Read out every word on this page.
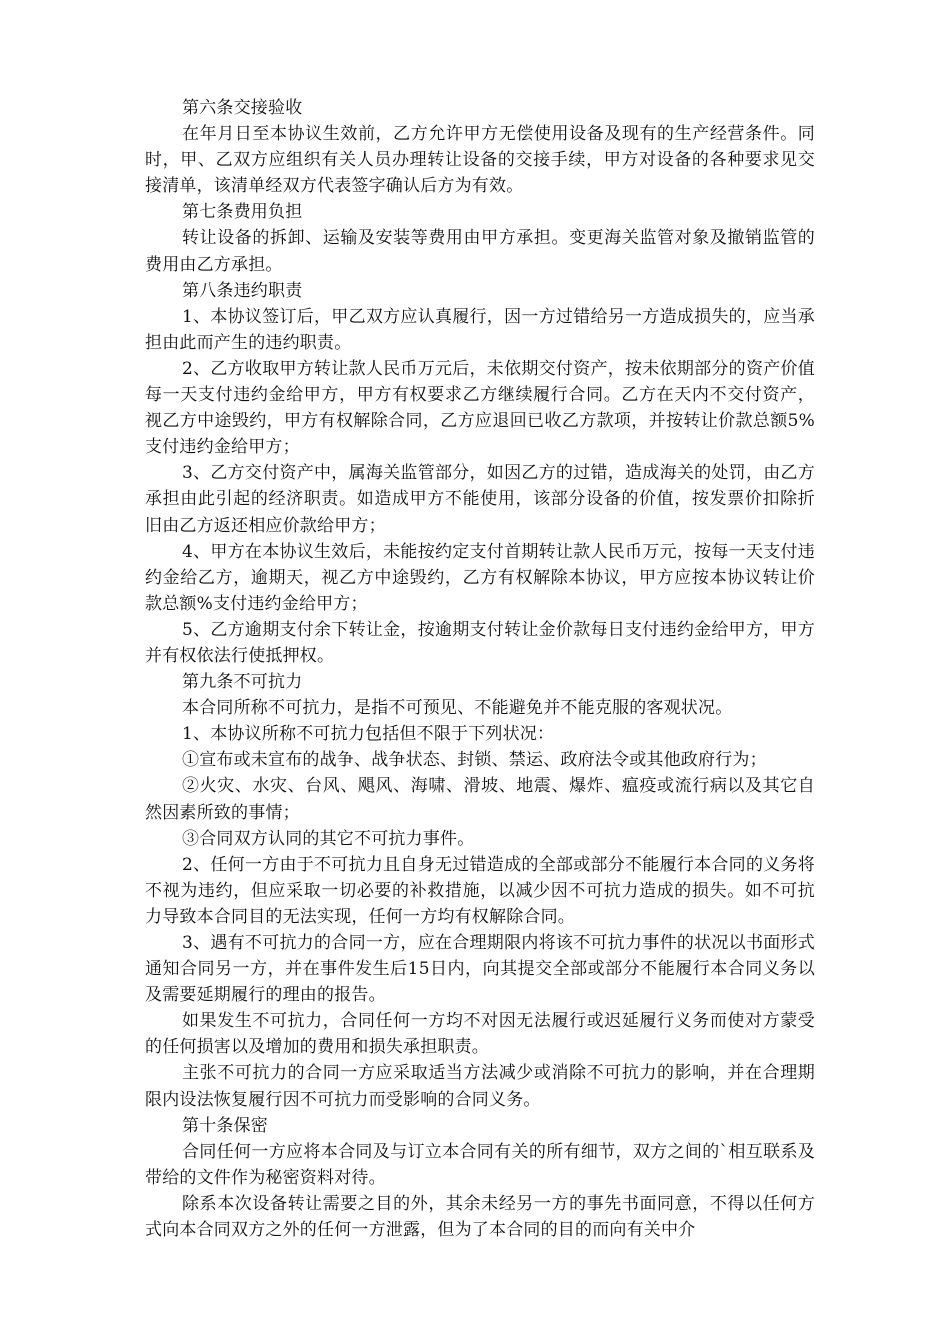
第六条交接验收

在年月日至本协议生效前，乙方允许甲方无偿使用设备及现有的生产经营条件。同时，甲、乙双方应组织有关人员办理转让设备的交接手续，甲方对设备的各种要求见交接清单，该清单经双方代表签字确认后方为有效。

第七条费用负担

转让设备的拆卸、运输及安装等费用由甲方承担。变更海关监管对象及撤销监管的费用由乙方承担。

第八条违约职责

1、本协议签订后，甲乙双方应认真履行，因一方过错给另一方造成损失的，应当承担由此而产生的违约职责。

2、乙方收取甲方转让款人民币万元后，未依期交付资产，按未依期部分的资产价值每一天支付违约金给甲方，甲方有权要求乙方继续履行合同。乙方在天内不交付资产，视乙方中途毁约，甲方有权解除合同，乙方应退回已收乙方款项，并按转让价款总额5%支付违约金给甲方；

3、乙方交付资产中，属海关监管部分，如因乙方的过错，造成海关的处罚，由乙方承担由此引起的经济职责。如造成甲方不能使用，该部分设备的价值，按发票价扣除折旧由乙方返还相应价款给甲方；

4、甲方在本协议生效后，未能按约定支付首期转让款人民币万元，按每一天支付违约金给乙方，逾期天，视乙方中途毁约，乙方有权解除本协议，甲方应按本协议转让价款总额%支付违约金给甲方；

5、乙方逾期支付余下转让金，按逾期支付转让金价款每日支付违约金给甲方，甲方并有权依法行使抵押权。

第九条不可抗力

本合同所称不可抗力，是指不可预见、不能避免并不能克服的客观状况。

1、本协议所称不可抗力包括但不限于下列状况：

①宣布或未宣布的战争、战争状态、封锁、禁运、政府法令或其他政府行为；

②火灾、水灾、台风、飓风、海啸、滑坡、地震、爆炸、瘟疫或流行病以及其它自然因素所致的事情；

③合同双方认同的其它不可抗力事件。

2、任何一方由于不可抗力且自身无过错造成的全部或部分不能履行本合同的义务将不视为违约，但应采取一切必要的补救措施，以减少因不可抗力造成的损失。如不可抗力导致本合同目的无法实现，任何一方均有权解除合同。

3、遇有不可抗力的合同一方，应在合理期限内将该不可抗力事件的状况以书面形式通知合同另一方，并在事件发生后15日内，向其提交全部或部分不能履行本合同义务以及需要延期履行的理由的报告。

如果发生不可抗力，合同任何一方均不对因无法履行或迟延履行义务而使对方蒙受的任何损害以及增加的费用和损失承担职责。

主张不可抗力的合同一方应采取适当方法减少或消除不可抗力的影响，并在合理期限内设法恢复履行因不可抗力而受影响的合同义务。

第十条保密

合同任何一方应将本合同及与订立本合同有关的所有细节，双方之间的`相互联系及带给的文件作为秘密资料对待。

除系本次设备转让需要之目的外，其余未经另一方的事先书面同意，不得以任何方式向本合同双方之外的任何一方泄露，但为了本合同的目的而向有关中介
